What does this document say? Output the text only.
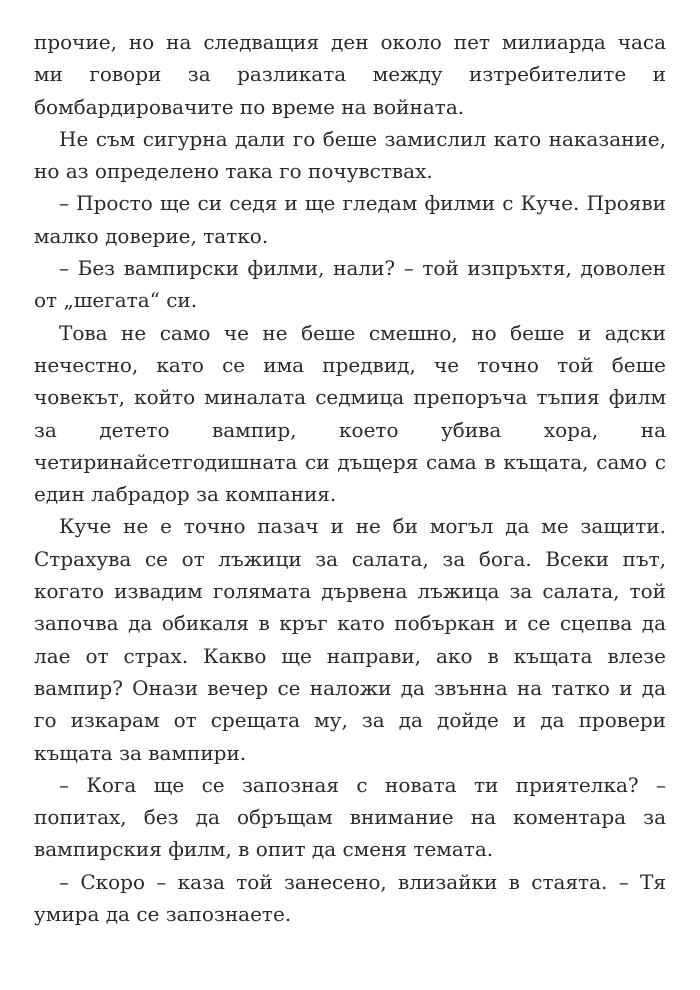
прочие, но на следващия ден около пет милиарда часа
ми говори за разликата между изтребителите и
бомбардировачите по време на войната.
Не съм сигурна дали го беше замислил като наказание,
но аз определено така го почувствах.
– Просто ще си седя и ще гледам филми с Куче. Прояви
малко доверие, татко.
– Без вампирски филми, нали? – той изпръхтя, доволен
от „шегата“ си.
Това не само че не беше смешно, но беше и адски
нечестно, като се има предвид, че точно той беше
човекът, който миналата седмица препоръча тъпия филм
за детето вампир, което убива хора, на
четиринайсетгодишната си дъщеря сама в къщата, само с
един лабрадор за компания.
Куче не е точно пазач и не би могъл да ме защити.
Страхува се от лъжици за салата, за бога. Всеки път,
когато извадим голямата дървена лъжица за салата, той
започва да обикаля в кръг като побъркан и се сцепва да
лае от страх. Какво ще направи, ако в къщата влезе
вампир? Онази вечер се наложи да звънна на татко и да
го изкарам от срещата му, за да дойде и да провери
къщата за вампири.
– Кога ще се запозная с новата ти приятелка? –
попитах, без да обръщам внимание на коментара за
вампирския филм, в опит да сменя темата.
– Скоро – каза той занесено, влизайки в стаята. – Тя
умира да се запознаете.
